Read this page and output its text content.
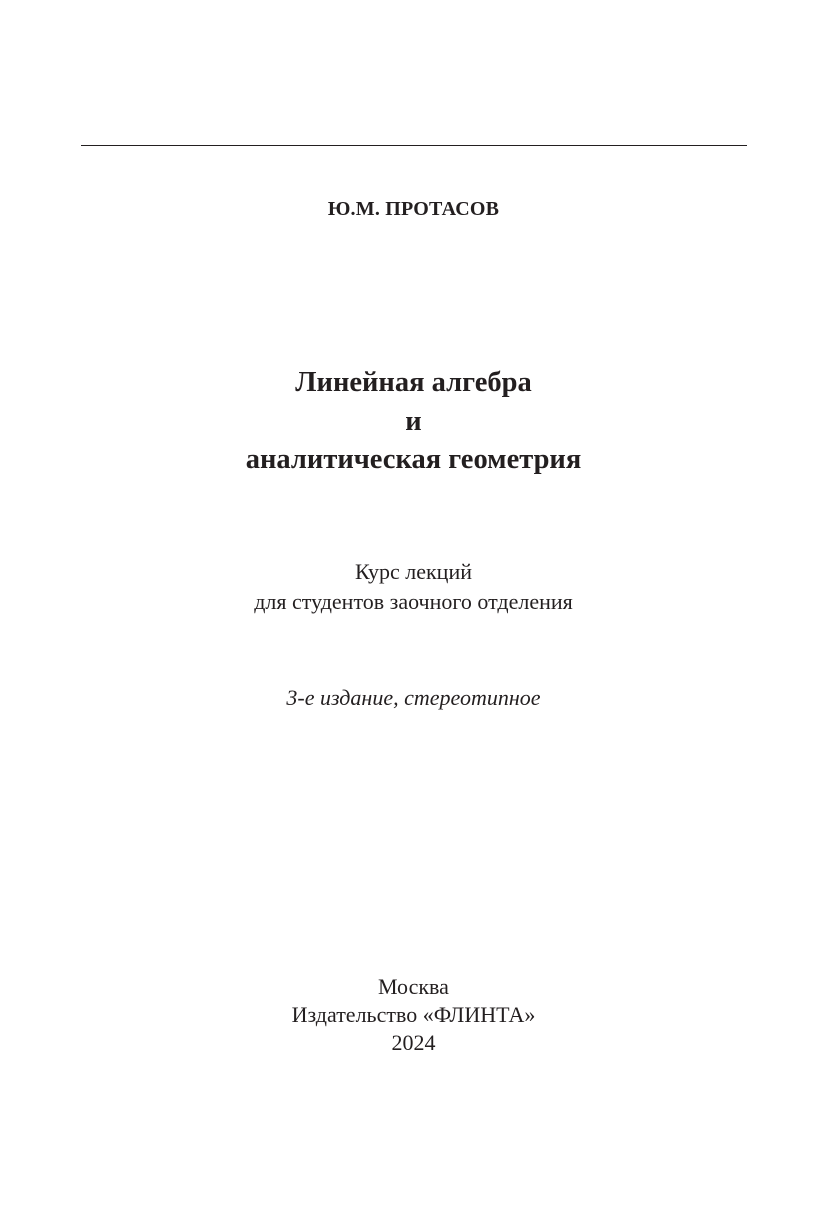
Ю.М. ПРОТАСОВ
Линейная алгебра
и
аналитическая геометрия
Курс лекций
для студентов заочного отделения
3-е издание, стереотипное
Москва
Издательство «ФЛИНТА»
2024
